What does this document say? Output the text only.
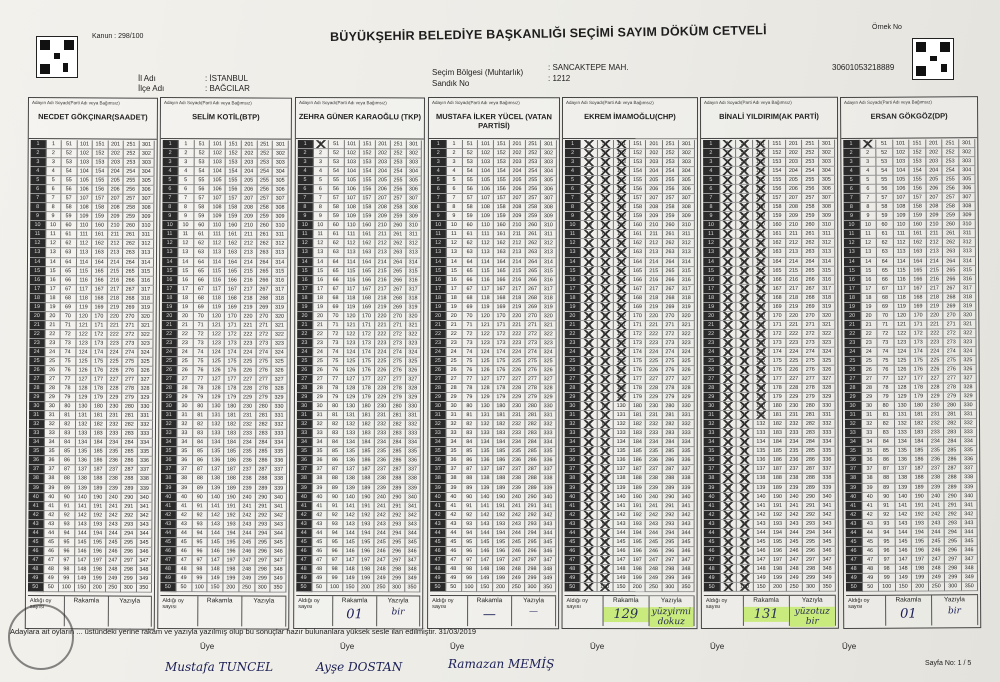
Kanun : 298/100	BÜYÜKŞEHİR BELEDİYE BAŞKANLIĞI SEÇİMİ SAYIM DÖKÜM CETVELİ	Örnek No
30601053218889
İl Adı	: İSTANBUL
İlçe Adı	: BAĞCILAR
Seçim Bölgesi (Muhtarlık)
: SANCAKTEPE MAH.
Sandık No
: 1212
Adayın Adı Soyadı(Parti Adı veya Bağımsız)
NECDET GÖKÇINAR(SAADET)
1	1	51	101	151	201	251	301
2	2	52	102	152	202	252	302
3	3	53	103	153	203	253	303
4	4	54	104	154	204	254	304
5	5	55	105	155	205	255	305
6	6	56	106	156	206	256	306
7	7	57	107	157	207	257	307
8	8	58	108	158	208	258	308
9	9	59	109	159	209	259	309
10	10	60	110	160	210	260	310
11	11	61	111	161	211	261	311
12	12	62	112	162	212	262	312
13	13	63	113	163	213	263	313
14	14	64	114	164	214	264	314
15	15	65	115	165	215	265	315
16	16	66	116	166	216	266	316
17	17	67	117	167	217	267	317
18	18	68	118	168	218	268	318
19	19	69	119	169	219	269	319
20	20	70	120	170	220	270	320
21	21	71	121	171	221	271	321
22	22	72	122	172	222	272	322
23	23	73	123	173	223	273	323
24	24	74	124	174	224	274	324
25	25	75	125	175	225	275	325
26	26	76	126	176	226	276	326
27	27	77	127	177	227	277	327
28	28	78	128	178	228	278	328
29	29	79	129	179	229	279	329
30	30	80	130	180	230	280	330
31	31	81	131	181	231	281	331
32	32	82	132	182	232	282	332
33	33	83	133	183	233	283	333
34	34	84	134	184	234	284	334
35	35	85	135	185	235	285	335
36	36	86	136	186	236	286	336
37	37	87	137	187	237	287	337
38	38	88	138	188	238	288	338
39	39	89	139	189	239	289	339
40	40	90	140	190	240	290	340
41	41	91	141	191	241	291	341
42	42	92	142	192	242	292	342
43	43	93	143	193	243	293	343
44	44	94	144	194	244	294	344
45	45	95	145	195	245	295	345
46	46	96	146	196	246	296	346
47	47	97	147	197	247	297	347
48	48	98	148	198	248	298	348
49	49	99	149	199	249	299	349
50	50	100	150	200	250	300	350
Aldığı oy sayısı
Rakamla	Yazıyla
Adayın Adı Soyadı(Parti Adı veya Bağımsız)
SELİM KOTİL(BTP)
1	1	51	101	151	201	251	301
2	2	52	102	152	202	252	302
3	3	53	103	153	203	253	303
4	4	54	104	154	204	254	304
5	5	55	105	155	205	255	305
6	6	56	106	156	206	256	306
7	7	57	107	157	207	257	307
8	8	58	108	158	208	258	308
9	9	59	109	159	209	259	309
10	10	60	110	160	210	260	310
11	11	61	111	161	211	261	311
12	12	62	112	162	212	262	312
13	13	63	113	163	213	263	313
14	14	64	114	164	214	264	314
15	15	65	115	165	215	265	315
16	16	66	116	166	216	266	316
17	17	67	117	167	217	267	317
18	18	68	118	168	218	268	318
19	19	69	119	169	219	269	319
20	20	70	120	170	220	270	320
21	21	71	121	171	221	271	321
22	22	72	122	172	222	272	322
23	23	73	123	173	223	273	323
24	24	74	124	174	224	274	324
25	25	75	125	175	225	275	325
26	26	76	126	176	226	276	326
27	27	77	127	177	227	277	327
28	28	78	128	178	228	278	328
29	29	79	129	179	229	279	329
30	30	80	130	180	230	280	330
31	31	81	131	181	231	281	331
32	32	82	132	182	232	282	332
33	33	83	133	183	233	283	333
34	34	84	134	184	234	284	334
35	35	85	135	185	235	285	335
36	36	86	136	186	236	286	336
37	37	87	137	187	237	287	337
38	38	88	138	188	238	288	338
39	39	89	139	189	239	289	339
40	40	90	140	190	240	290	340
41	41	91	141	191	241	291	341
42	42	92	142	192	242	292	342
43	43	93	143	193	243	293	343
44	44	94	144	194	244	294	344
45	45	95	145	195	245	295	345
46	46	96	146	196	246	296	346
47	47	97	147	197	247	297	347
48	48	98	148	198	248	298	348
49	49	99	149	199	249	299	349
50	50	100	150	200	250	300	350
Aldığı oy sayısı
Rakamla	Yazıyla
Adayın Adı Soyadı(Parti Adı veya Bağımsız)
ZEHRA GÜNER KARAOĞLU (TKP)
1	1	51	101	151	201	251	301
2	2	52	102	152	202	252	302
3	3	53	103	153	203	253	303
4	4	54	104	154	204	254	304
5	5	55	105	155	205	255	305
6	6	56	106	156	206	256	306
7	7	57	107	157	207	257	307
8	8	58	108	158	208	258	308
9	9	59	109	159	209	259	309
10	10	60	110	160	210	260	310
11	11	61	111	161	211	261	311
12	12	62	112	162	212	262	312
13	13	63	113	163	213	263	313
14	14	64	114	164	214	264	314
15	15	65	115	165	215	265	315
16	16	66	116	166	216	266	316
17	17	67	117	167	217	267	317
18	18	68	118	168	218	268	318
19	19	69	119	169	219	269	319
20	20	70	120	170	220	270	320
21	21	71	121	171	221	271	321
22	22	72	122	172	222	272	322
23	23	73	123	173	223	273	323
24	24	74	124	174	224	274	324
25	25	75	125	175	225	275	325
26	26	76	126	176	226	276	326
27	27	77	127	177	227	277	327
28	28	78	128	178	228	278	328
29	29	79	129	179	229	279	329
30	30	80	130	180	230	280	330
31	31	81	131	181	231	281	331
32	32	82	132	182	232	282	332
33	33	83	133	183	233	283	333
34	34	84	134	184	234	284	334
35	35	85	135	185	235	285	335
36	36	86	136	186	236	286	336
37	37	87	137	187	237	287	337
38	38	88	138	188	238	288	338
39	39	89	139	189	239	289	339
40	40	90	140	190	240	290	340
41	41	91	141	191	241	291	341
42	42	92	142	192	242	292	342
43	43	93	143	193	243	293	343
44	44	94	144	194	244	294	344
45	45	95	145	195	245	295	345
46	46	96	146	196	246	296	346
47	47	97	147	197	247	297	347
48	48	98	148	198	248	298	348
49	49	99	149	199	249	299	349
50	50	100	150	200	250	300	350
Aldığı oy sayısı
Rakamla
01
Yazıyla
bir
Adayın Adı Soyadı(Parti Adı veya Bağımsız)
MUSTAFA İLKER YÜCEL (VATAN PARTİSİ)
1	1	51	101	151	201	251	301
2	2	52	102	152	202	252	302
3	3	53	103	153	203	253	303
4	4	54	104	154	204	254	304
5	5	55	105	155	205	255	305
6	6	56	106	156	206	256	306
7	7	57	107	157	207	257	307
8	8	58	108	158	208	258	308
9	9	59	109	159	209	259	309
10	10	60	110	160	210	260	310
11	11	61	111	161	211	261	311
12	12	62	112	162	212	262	312
13	13	63	113	163	213	263	313
14	14	64	114	164	214	264	314
15	15	65	115	165	215	265	315
16	16	66	116	166	216	266	316
17	17	67	117	167	217	267	317
18	18	68	118	168	218	268	318
19	19	69	119	169	219	269	319
20	20	70	120	170	220	270	320
21	21	71	121	171	221	271	321
22	22	72	122	172	222	272	322
23	23	73	123	173	223	273	323
24	24	74	124	174	224	274	324
25	25	75	125	175	225	275	325
26	26	76	126	176	226	276	326
27	27	77	127	177	227	277	327
28	28	78	128	178	228	278	328
29	29	79	129	179	229	279	329
30	30	80	130	180	230	280	330
31	31	81	131	181	231	281	331
32	32	82	132	182	232	282	332
33	33	83	133	183	233	283	333
34	34	84	134	184	234	284	334
35	35	85	135	185	235	285	335
36	36	86	136	186	236	286	336
37	37	87	137	187	237	287	337
38	38	88	138	188	238	288	338
39	39	89	139	189	239	289	339
40	40	90	140	190	240	290	340
41	41	91	141	191	241	291	341
42	42	92	142	192	242	292	342
43	43	93	143	193	243	293	343
44	44	94	144	194	244	294	344
45	45	95	145	195	245	295	345
46	46	96	146	196	246	296	346
47	47	97	147	197	247	297	347
48	48	98	148	198	248	298	348
49	49	99	149	199	249	299	349
50	50	100	150	200	250	300	350
Aldığı oy sayısı
Rakamla
—
Yazıyla
—
Adayın Adı Soyadı(Parti Adı veya Bağımsız)
EKREM İMAMOĞLU(CHP)
1	1	51	101	151	201	251	301
2	2	52	102	152	202	252	302
3	3	53	103	153	203	253	303
4	4	54	104	154	204	254	304
5	5	55	105	155	205	255	305
6	6	56	106	156	206	256	306
7	7	57	107	157	207	257	307
8	8	58	108	158	208	258	308
9	9	59	109	159	209	259	309
10	10	60	110	160	210	260	310
11	11	61	111	161	211	261	311
12	12	62	112	162	212	262	312
13	13	63	113	163	213	263	313
14	14	64	114	164	214	264	314
15	15	65	115	165	215	265	315
16	16	66	116	166	216	266	316
17	17	67	117	167	217	267	317
18	18	68	118	168	218	268	318
19	19	69	119	169	219	269	319
20	20	70	120	170	220	270	320
21	21	71	121	171	221	271	321
22	22	72	122	172	222	272	322
23	23	73	123	173	223	273	323
24	24	74	124	174	224	274	324
25	25	75	125	175	225	275	325
26	26	76	126	176	226	276	326
27	27	77	127	177	227	277	327
28	28	78	128	178	228	278	328
29	29	79	129	179	229	279	329
30	30	80	130	180	230	280	330
31	31	81	131	181	231	281	331
32	32	82	132	182	232	282	332
33	33	83	133	183	233	283	333
34	34	84	134	184	234	284	334
35	35	85	135	185	235	285	335
36	36	86	136	186	236	286	336
37	37	87	137	187	237	287	337
38	38	88	138	188	238	288	338
39	39	89	139	189	239	289	339
40	40	90	140	190	240	290	340
41	41	91	141	191	241	291	341
42	42	92	142	192	242	292	342
43	43	93	143	193	243	293	343
44	44	94	144	194	244	294	344
45	45	95	145	195	245	295	345
46	46	96	146	196	246	296	346
47	47	97	147	197	247	297	347
48	48	98	148	198	248	298	348
49	49	99	149	199	249	299	349
50	50	100	150	200	250	300	350
Aldığı oy sayısı
Rakamla
129
Yazıyla
yüzyirmi dokuz
Adayın Adı Soyadı(Parti Adı veya Bağımsız)
BİNALİ YILDIRIM(AK PARTİ)
1	1	51	101	151	201	251	301
2	2	52	102	152	202	252	302
3	3	53	103	153	203	253	303
4	4	54	104	154	204	254	304
5	5	55	105	155	205	255	305
6	6	56	106	156	206	256	306
7	7	57	107	157	207	257	307
8	8	58	108	158	208	258	308
9	9	59	109	159	209	259	309
10	10	60	110	160	210	260	310
11	11	61	111	161	211	261	311
12	12	62	112	162	212	262	312
13	13	63	113	163	213	263	313
14	14	64	114	164	214	264	314
15	15	65	115	165	215	265	315
16	16	66	116	166	216	266	316
17	17	67	117	167	217	267	317
18	18	68	118	168	218	268	318
19	19	69	119	169	219	269	319
20	20	70	120	170	220	270	320
21	21	71	121	171	221	271	321
22	22	72	122	172	222	272	322
23	23	73	123	173	223	273	323
24	24	74	124	174	224	274	324
25	25	75	125	175	225	275	325
26	26	76	126	176	226	276	326
27	27	77	127	177	227	277	327
28	28	78	128	178	228	278	328
29	29	79	129	179	229	279	329
30	30	80	130	180	230	280	330
31	31	81	131	181	231	281	331
32	32	82	132	182	232	282	332
33	33	83	133	183	233	283	333
34	34	84	134	184	234	284	334
35	35	85	135	185	235	285	335
36	36	86	136	186	236	286	336
37	37	87	137	187	237	287	337
38	38	88	138	188	238	288	338
39	39	89	139	189	239	289	339
40	40	90	140	190	240	290	340
41	41	91	141	191	241	291	341
42	42	92	142	192	242	292	342
43	43	93	143	193	243	293	343
44	44	94	144	194	244	294	344
45	45	95	145	195	245	295	345
46	46	96	146	196	246	296	346
47	47	97	147	197	247	297	347
48	48	98	148	198	248	298	348
49	49	99	149	199	249	299	349
50	50	100	150	200	250	300	350
Aldığı oy sayısı
Rakamla
131
Yazıyla
yüzotuz bir
Adayın Adı Soyadı(Parti Adı veya Bağımsız)
ERSAN GÖKGÖZ(DP)
1	1	51	101	151	201	251	301
2	2	52	102	152	202	252	302
3	3	53	103	153	203	253	303
4	4	54	104	154	204	254	304
5	5	55	105	155	205	255	305
6	6	56	106	156	206	256	306
7	7	57	107	157	207	257	307
8	8	58	108	158	208	258	308
9	9	59	109	159	209	259	309
10	10	60	110	160	210	260	310
11	11	61	111	161	211	261	311
12	12	62	112	162	212	262	312
13	13	63	113	163	213	263	313
14	14	64	114	164	214	264	314
15	15	65	115	165	215	265	315
16	16	66	116	166	216	266	316
17	17	67	117	167	217	267	317
18	18	68	118	168	218	268	318
19	19	69	119	169	219	269	319
20	20	70	120	170	220	270	320
21	21	71	121	171	221	271	321
22	22	72	122	172	222	272	322
23	23	73	123	173	223	273	323
24	24	74	124	174	224	274	324
25	25	75	125	175	225	275	325
26	26	76	126	176	226	276	326
27	27	77	127	177	227	277	327
28	28	78	128	178	228	278	328
29	29	79	129	179	229	279	329
30	30	80	130	180	230	280	330
31	31	81	131	181	231	281	331
32	32	82	132	182	232	282	332
33	33	83	133	183	233	283	333
34	34	84	134	184	234	284	334
35	35	85	135	185	235	285	335
36	36	86	136	186	236	286	336
37	37	87	137	187	237	287	337
38	38	88	138	188	238	288	338
39	39	89	139	189	239	289	339
40	40	90	140	190	240	290	340
41	41	91	141	191	241	291	341
42	42	92	142	192	242	292	342
43	43	93	143	193	243	293	343
44	44	94	144	194	244	294	344
45	45	95	145	195	245	295	345
46	46	96	146	196	246	296	346
47	47	97	147	197	247	297	347
48	48	98	148	198	248	298	348
49	49	99	149	199	249	299	349
50	50	100	150	200	250	300	350
Aldığı oy sayısı
Rakamla
01
Yazıyla
bir
Adaylara ait oyların ... üstündeki yerine rakam ve yazıyla yazılmış olup bu sonuçlar hazır bulunanlara yüksek sesle ilan edilmiştir. 31/03/2019
Üye	Üye	Üye	Üye	Üye	Üye
Mustafa TUNCEL	Ayşe DOSTAN	Ramazan MEMİŞ	Sayfa No: 1 / 5
